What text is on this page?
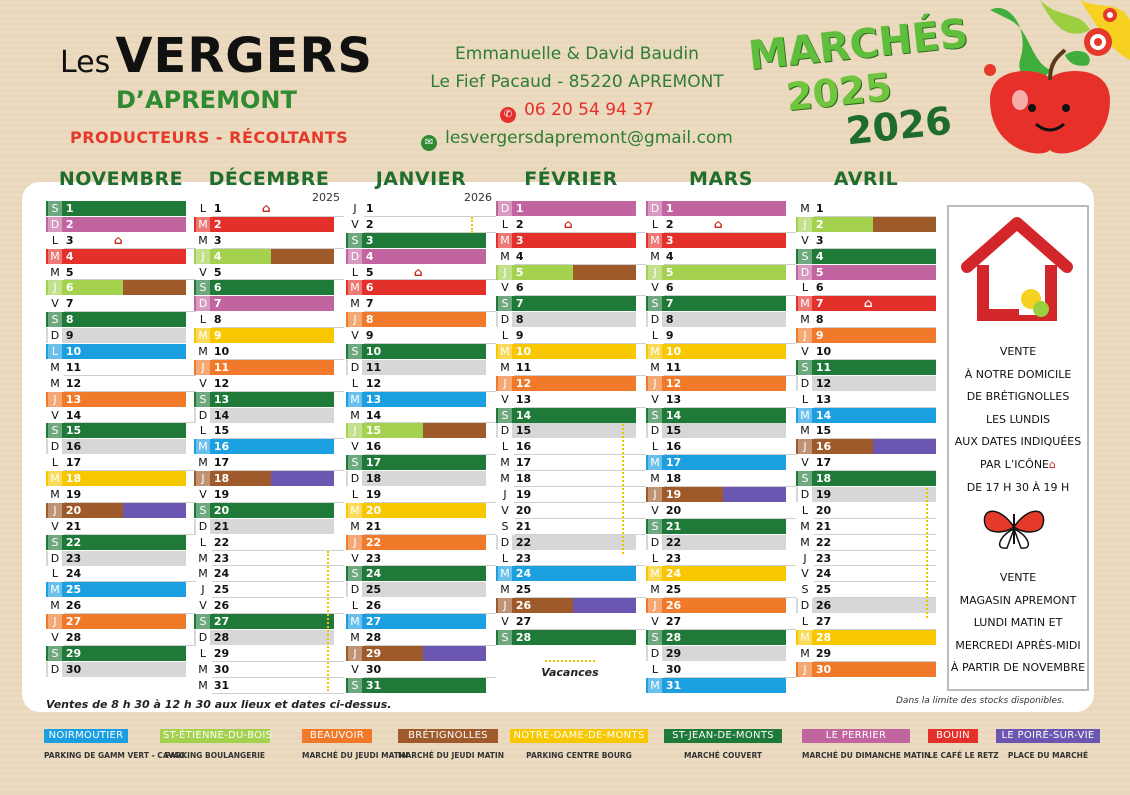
Les VERGERS
D’APREMONT
PRODUCTEURS - RÉCOLTANTS
Emmanuelle & David Baudin
Le Fief Pacaud - 85220 APREMONT
✆ 06 20 54 94 37
✉ lesvergersdapremont@gmail.com
MARCHÉS
2025
2026
NOVEMBRE
S 1
D 2
L 3	⌂
M 4
M 5
J 6
V 7
S 8
D 9
L 10
M 11
M 12
J 13
V 14
S 15
D 16
L 17
M 18
M 19
J 20
V 21
S 22
D 23
L 24
M 25
M 26
J 27
V 28
S 29
D 30
DÉCEMBRE
2025
L 1	⌂
M 2
M 3
J 4
V 5
S 6
D 7
L 8
M 9
M 10
J 11
V 12
S 13
D 14
L 15
M 16
M 17
J 18
V 19
S 20
D 21
L 22
M 23
M 24
J 25
V 26
S 27
D 28
L 29
M 30
M 31
JANVIER
2026
J 1
V 2
S 3
D 4
L 5	⌂
M 6
M 7
J 8
V 9
S 10
D 11
L 12
M 13
M 14
J 15
V 16
S 17
D 18
L 19
M 20
M 21
J 22
V 23
S 24
D 25
L 26
M 27
M 28
J 29
V 30
S 31
FÉVRIER
D 1
L 2	⌂
M 3
M 4
J 5
V 6
S 7
D 8
L 9
M 10
M 11
J 12
V 13
S 14
D 15
L 16
M 17
M 18
J 19
V 20
S 21
D 22
L 23
M 24
M 25
J 26
V 27
S 28
MARS
D 1
L 2	⌂
M 3
M 4
J 5
V 6
S 7
D 8
L 9
M 10
M 11
J 12
V 13
S 14
D 15
L 16
M 17
M 18
J 19
V 20
S 21
D 22
L 23
M 24
M 25
J 26
V 27
S 28
D 29
L 30
M 31
AVRIL
M 1
J 2
V 3
S 4
D 5
L 6
M 7	⌂
M 8
J 9
V 10
S 11
D 12
L 13
M 14
M 15
J 16
V 17
S 18
D 19
L 20
M 21
M 22
J 23
V 24
S 25
D 26
L 27
M 28
M 29
J 30
Vacances
Ventes de 8 h 30 à 12 h 30 aux lieux et dates ci-dessus.	Dans la limite des stocks disponibles.
VENTE
À NOTRE DOMICILE
DE BRÉTIGNOLLES
LES LUNDIS
AUX DATES INDIQUÉES
PAR L’ICÔNE⌂
DE 17 H 30 À 19 H
VENTE
MAGASIN APREMONT
LUNDI MATIN ET
MERCREDI APRÈS-MIDI
À PARTIR DE NOVEMBRE
NOIRMOUTIER
PARKING DE GAMM VERT - CAVAC
ST-ÉTIENNE-DU-BOIS
PARKING BOULANGERIE
BEAUVOIR
MARCHÉ DU JEUDI MATIN
BRÉTIGNOLLES
MARCHÉ DU JEUDI MATIN
NOTRE-DAME-DE-MONTS
PARKING CENTRE BOURG
ST-JEAN-DE-MONTS
MARCHÉ COUVERT
LE PERRIER
MARCHÉ DU DIMANCHE MATIN
BOUIN
LE CAFÉ LE RETZ
LE POIRÉ-SUR-VIE
PLACE DU MARCHÉ
